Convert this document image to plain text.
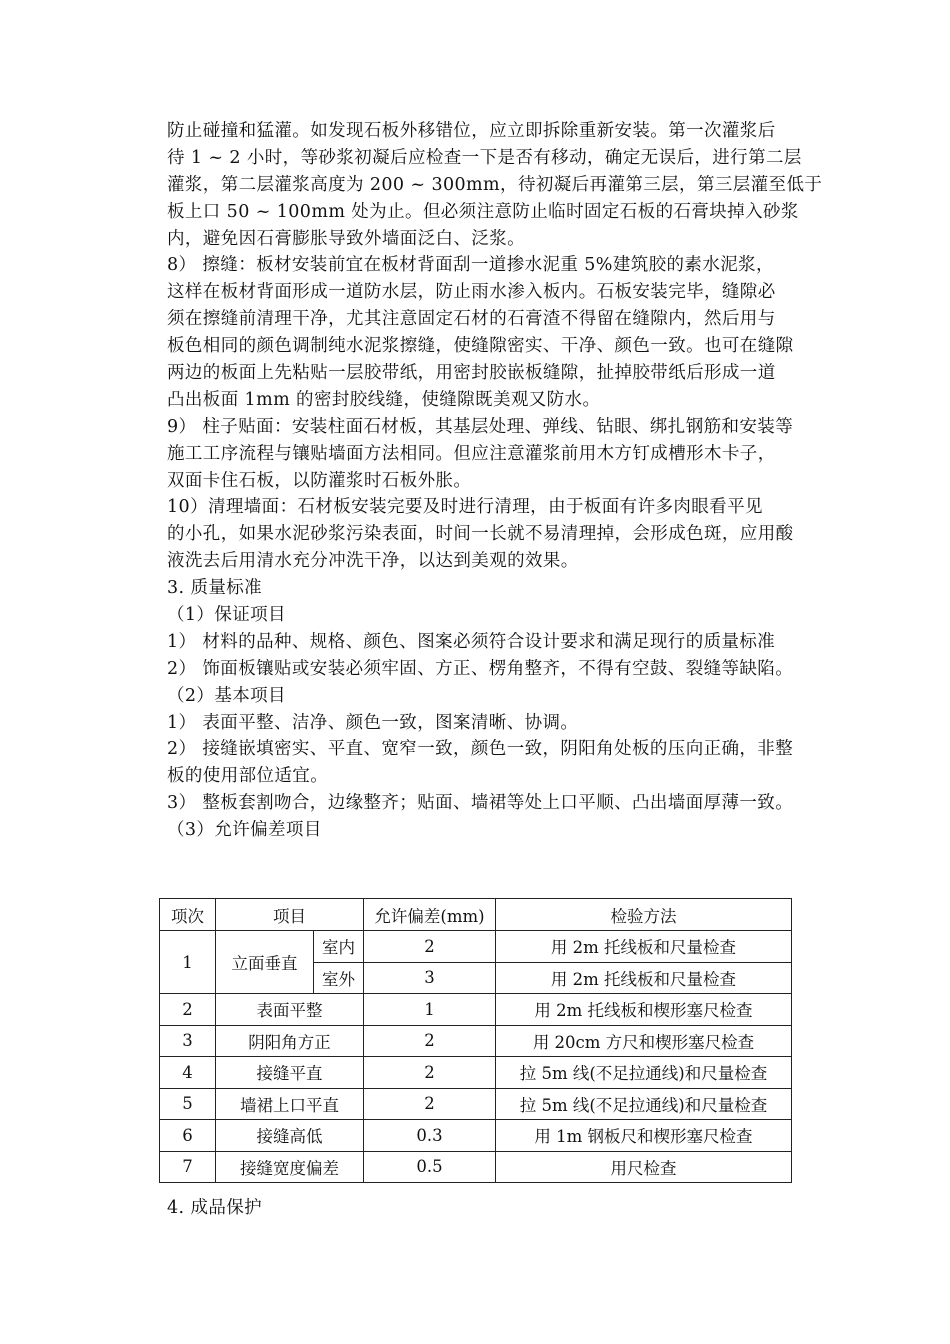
防止碰撞和猛灌。如发现石板外移错位，应立即拆除重新安装。第一次灌浆后
待 1 ~ 2 小时，等砂浆初凝后应检查一下是否有移动，确定无误后，进行第二层
灌浆，第二层灌浆高度为 200 ~ 300mm，待初凝后再灌第三层，第三层灌至低于
板上口 50 ~ 100mm 处为止。但必须注意防止临时固定石板的石膏块掉入砂浆
内，避免因石膏膨胀导致外墙面泛白、泛浆。
8） 擦缝：板材安装前宜在板材背面刮一道掺水泥重 5%建筑胶的素水泥浆，
这样在板材背面形成一道防水层，防止雨水渗入板内。石板安装完毕，缝隙必
须在擦缝前清理干净，尤其注意固定石材的石膏渣不得留在缝隙内，然后用与
板色相同的颜色调制纯水泥浆擦缝，使缝隙密实、干净、颜色一致。也可在缝隙
两边的板面上先粘贴一层胶带纸，用密封胶嵌板缝隙，扯掉胶带纸后形成一道
凸出板面 1mm 的密封胶线缝，使缝隙既美观又防水。
9） 柱子贴面：安装柱面石材板，其基层处理、弹线、钻眼、绑扎钢筋和安装等
施工工序流程与镶贴墙面方法相同。但应注意灌浆前用木方钉成槽形木卡子，
双面卡住石板，以防灌浆时石板外胀。
10）清理墙面：石材板安装完要及时进行清理，由于板面有许多肉眼看平见
的小孔，如果水泥砂浆污染表面，时间一长就不易清理掉，会形成色斑，应用酸
液洗去后用清水充分冲洗干净，以达到美观的效果。
3. 质量标准
（1）保证项目
1） 材料的品种、规格、颜色、图案必须符合设计要求和满足现行的质量标准
2） 饰面板镶贴或安装必须牢固、方正、楞角整齐，不得有空鼓、裂缝等缺陷。
（2）基本项目
1） 表面平整、洁净、颜色一致，图案清晰、协调。
2） 接缝嵌填密实、平直、宽窄一致，颜色一致，阴阳角处板的压向正确，非整
板的使用部位适宜。
3） 整板套割吻合，边缘整齐；贴面、墙裙等处上口平顺、凸出墙面厚薄一致。
（3）允许偏差项目
项次	项目		允许偏差(mm)	检验方法
1	立面垂直	室内	2	用 2m 托线板和尺量检查
		室外	3	用 2m 托线板和尺量检查
2	表面平整		1	用 2m 托线板和楔形塞尺检查
3	阴阳角方正		2	用 20cm 方尺和楔形塞尺检查
4	接缝平直		2	拉 5m 线(不足拉通线)和尺量检查
5	墙裙上口平直		2	拉 5m 线(不足拉通线)和尺量检查
6	接缝高低		0.3	用 1m 钢板尺和楔形塞尺检查
7	接缝宽度偏差		0.5	用尺检查
4. 成品保护
